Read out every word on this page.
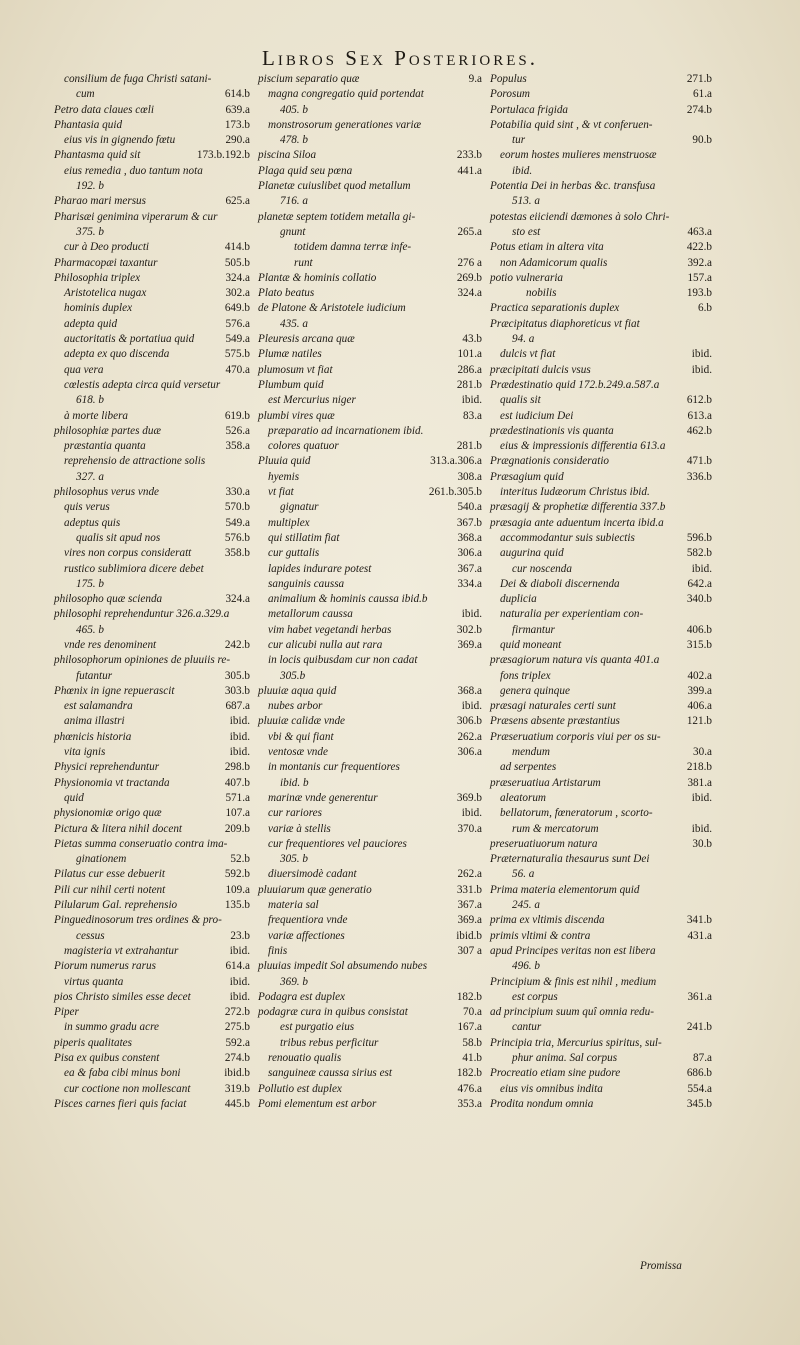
Libros Sex Posteriores.
consilium de fuga Christi satani-
cum	614.b
Petro data claues cœli	639.a
Phantasia quid	173.b
eius vis in gignendo fœtu	290.a
Phantasma quid sit	173.b.192.b
eius remedia , duo tantum nota
192. b
Pharao mari mersus	625.a
Pharisæi genimina viperarum & cur
375. b
cur à Deo producti	414.b
Pharmacopæi taxantur	505.b
Philosophia triplex	324.a
Aristotelica nugax	302.a
hominis duplex	649.b
adepta quid	576.a
auctoritatis & portatiua quid	549.a
adepta ex quo discenda	575.b
qua vera	470.a
cœlestis adepta circa quid versetur
618. b
à morte libera	619.b
philosophiæ partes duæ	526.a
præstantia quanta	358.a
reprehensio de attractione solis
327. a
philosophus verus vnde	330.a
quis verus	570.b
adeptus quis	549.a
qualis sit apud nos	576.b
vires non corpus consideratt	358.b
rustico sublimiora dicere debet
175. b
philosopho quæ scienda	324.a
philosophi reprehenduntur 326.a.329.a
465. b
vnde res denominent	242.b
philosophorum opiniones de pluuiis re-
futantur	305.b
Phœnix in igne repuerascit	303.b
est salamandra	687.a
anima illastri	ibid.
phœnicis historia	ibid.
vita ignis	ibid.
Physici reprehenduntur	298.b
Physionomia vt tractanda	407.b
quid	571.a
physionomiæ origo quæ	107.a
Pictura & litera nihil docent	209.b
Pietas summa conseruatio contra ima-
ginationem	52.b
Pilatus cur esse debuerit	592.b
Pili cur nihil certi notent	109.a
Pilularum Gal. reprehensio	135.b
Pinguedinosorum tres ordines & pro-
cessus	23.b
magisteria vt extrahantur	ibid.
Piorum numerus rarus	614.a
virtus quanta	ibid.
pios Christo similes esse decet	ibid.
Piper	272.b
in summo gradu acre	275.b
piperis qualitates	592.a
Pisa ex quibus constent	274.b
ea & faba cibi minus boni	ibid.b
cur coctione non mollescant	319.b
Pisces carnes fieri quis faciat	445.b
piscium separatio quæ	9.a
magna congregatio quid portendat
405. b
monstrosorum generationes variæ
478. b
piscina Siloa	233.b
Plaga quid seu pœna	441.a
Planetæ cuiuslibet quod metallum
716. a
planetæ septem totidem metalla gi-
gnunt	265.a
totidem damna terræ infe-
runt	276 a
Plantæ & hominis collatio	269.b
Plato beatus	324.a
de Platone & Aristotele iudicium
435. a
Pleuresis arcana quæ	43.b
Plumæ natiles	101.a
plumosum vt fiat	286.a
Plumbum quid	281.b
est Mercurius niger	ibid.
plumbi vires quæ	83.a
præparatio ad incarnationem ibid.
colores quatuor	281.b
Pluuia quid	313.a.306.a
hyemis	308.a
vt fiat	261.b.305.b
gignatur	540.a
multiplex	367.b
qui stillatim fiat	368.a
cur guttalis	306.a
lapides indurare potest	367.a
sanguinis caussa	334.a
animalium & hominis caussa ibid.b
metallorum caussa	ibid.
vim habet vegetandi herbas	302.b
cur alicubi nulla aut rara	369.a
in locis quibusdam cur non cadat
305.b
pluuiæ aqua quid	368.a
nubes arbor	ibid.
pluuiæ calidæ vnde	306.b
vbi & qui fiant	262.a
ventosæ vnde	306.a
in montanis cur frequentiores
ibid. b
marinæ vnde generentur	369.b
cur rariores	ibid.
variæ à stellis	370.a
cur frequentiores vel pauciores
305. b
diuersimodè cadant	262.a
pluuiarum quæ generatio	331.b
materia sal	367.a
frequentiora vnde	369.a
variæ affectiones	ibid.b
finis	307 a
pluuias impedit Sol absumendo nubes
369. b
Podagra est duplex	182.b
podagræ cura in quibus consistat	70.a
est purgatio eius	167.a
tribus rebus perficitur	58.b
renouatio qualis	41.b
sanguineæ caussa sirius est	182.b
Pollutio est duplex	476.a
Pomi elementum est arbor	353.a
Populus	271.b
Porosum	61.a
Portulaca frigida	274.b
Potabilia quid sint , & vt conferuen-
tur	90.b
eorum hostes mulieres menstruosæ
ibid.
Potentia Dei in herbas &c. transfusa
513. a
potestas eiiciendi dæmones à solo Chri-
sto est	463.a
Potus etiam in altera vita	422.b
non Adamicorum qualis	392.a
potio vulneraria	157.a
nobilis	193.b
Practica separationis duplex	6.b
Præcipitatus diaphoreticus vt fiat
94. a
dulcis vt fiat	ibid.
præcipitati dulcis vsus	ibid.
Prædestinatio quid 172.b.249.a.587.a
qualis sit	612.b
est iudicium Dei	613.a
prædestinationis vis quanta	462.b
eius & impressionis differentia 613.a
Prægnationis consideratio	471.b
Præsagium quid	336.b
interitus Iudæorum Christus ibid.
præsagij & prophetiæ differentia 337.b
præsagia ante aduentum incerta ibid.a
accommodantur suis subiectis	596.b
augurina quid	582.b
cur noscenda	ibid.
Dei & diaboli discernenda	642.a
duplicia	340.b
naturalia per experientiam con-
firmantur	406.b
quid moneant	315.b
præsagiorum natura vis quanta 401.a
fons triplex	402.a
genera quinque	399.a
præsagi naturales certi sunt	406.a
Præsens absente præstantius	121.b
Præseruatium corporis viui per os su-
mendum	30.a
ad serpentes	218.b
præseruatiua Artistarum	381.a
aleatorum	ibid.
bellatorum, fœneratorum , scorto-
rum & mercatorum	ibid.
preseruatiuorum natura	30.b
Præternaturalia thesaurus sunt Dei
56. a
Prima materia elementorum quid
245. a
prima ex vltimis discenda	341.b
primis vltimi & contra	431.a
apud Principes veritas non est libera
496. b
Principium & finis est nihil , medium
est corpus	361.a
ad principium suum quî omnia redu-
cantur	241.b
Principia tria, Mercurius spiritus, sul-
phur anima. Sal corpus	87.a
Procreatio etiam sine pudore	686.b
eius vis omnibus indita	554.a
Prodita nondum omnia	345.b
Promissa
